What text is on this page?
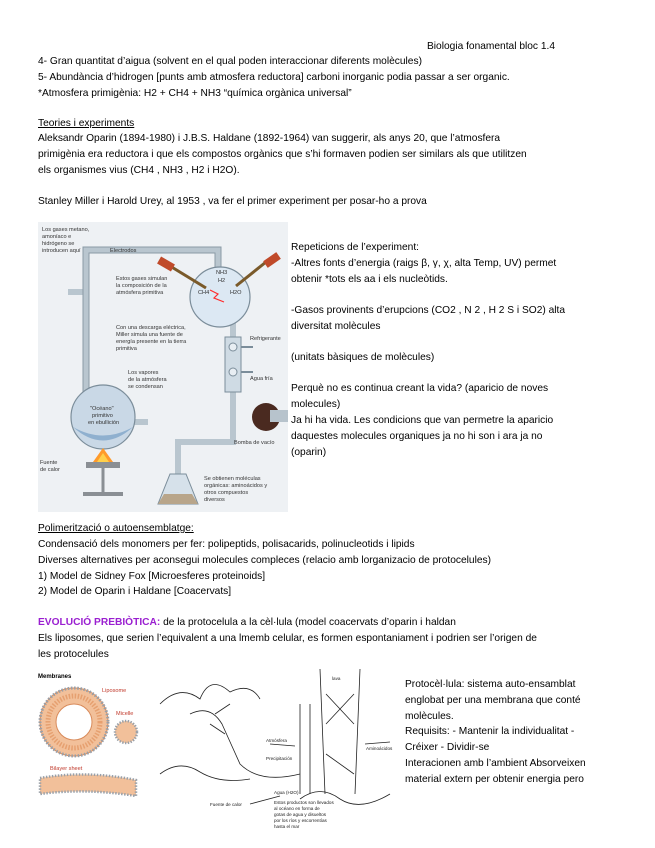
Biologia fonamental bloc 1.4
4- Gran quantitat d’aigua (solvent en el qual poden interaccionar diferents molècules)
5- Abundància d’hidrogen [punts amb atmosfera reductora] carboni inorganic podia passar a ser organic.
*Atmosfera primigènia: H2 + CH4 + NH3 “química orgànica universal”
Teories i experiments
Aleksandr Oparin (1894-1980) i J.B.S. Haldane (1892-1964) van suggerir, als anys 20, que l’atmosfera
primigènia era reductora i que els compostos orgànics que s’hi formaven podien ser similars als que utilitzen
els organismes vius (CH4 , NH3 , H2 i H2O).
Stanley Miller i Harold Urey, al 1953 , va fer el primer experiment per posar-ho a prova
Los gases metano,
amoníaco e
hidrógeno se
introducen aquí	Electrodos
NH3
H2
CH4	H2O
Estos gases simulan
la composición de la
atmósfera primitiva
Con una descarga eléctrica,
Miller simula una fuente de
energía presente en la tierra
primitiva
Refrigerante
Los vapores
de la atmósfera
se condensan
Agua fría
"Océano"
primitivo
en ebullición
Bomba de vacío
Fuente
de calor
Se obtienen moléculas
orgánicas: aminoácidos y
otros compuestos
diversos
Repeticions de l’experiment:
-Altres fonts d’energia (raigs β, γ, χ, alta Temp, UV) permet
obtenir *tots els aa i els nucleòtids.
-Gasos provinents d’erupcions (CO2 , N 2 , H 2 S i SO2) alta
diversitat molècules
(unitats bàsiques de molècules)
Perquè no es continua creant la vida? (aparicio de noves
molecules)
Ja hi ha vida. Les condicions que van permetre la aparicio
daquestes molecules organiques ja no hi son i ara ja no
(oparin)
Polimerització o autoensemblatge:
Condensació dels monomers per fer: polipeptids, polisacarids, polinucleotids i lipids
Diverses alternatives per aconsegui molecules compleces (relacio amb lorganizacio de protocelules)
1) Model de Sidney Fox [Microesferes proteinoids]
2) Model de Oparin i Haldane [Coacervats]
EVOLUCIÓ PREBIÒTICA: de la protocelula a la cèl·lula (model coacervats d’oparin i haldan
Els liposomes, que serien l’equivalent a una lmemb celular, es formen espontaniament i podrien ser l’origen de
les protocelules
Membranes
Liposome
Micelle
Bilayer sheet
lava
Atmósfera
Precipitación
Aminoácidos
Fuente de calor
Agua (H2O)
Estos productos son llevados
al océano en forma de
gotas de agua y disueltos
por los ríos y escorrentías
hasta el mar
Protocèl·lula: sistema auto-ensamblat
englobat per una membrana que conté
molècules.
Requisits: - Mantenir la individualitat -
Créixer - Dividir-se
Interacionen amb l’ambient Absorveixen
material extern per obtenir energia pero
